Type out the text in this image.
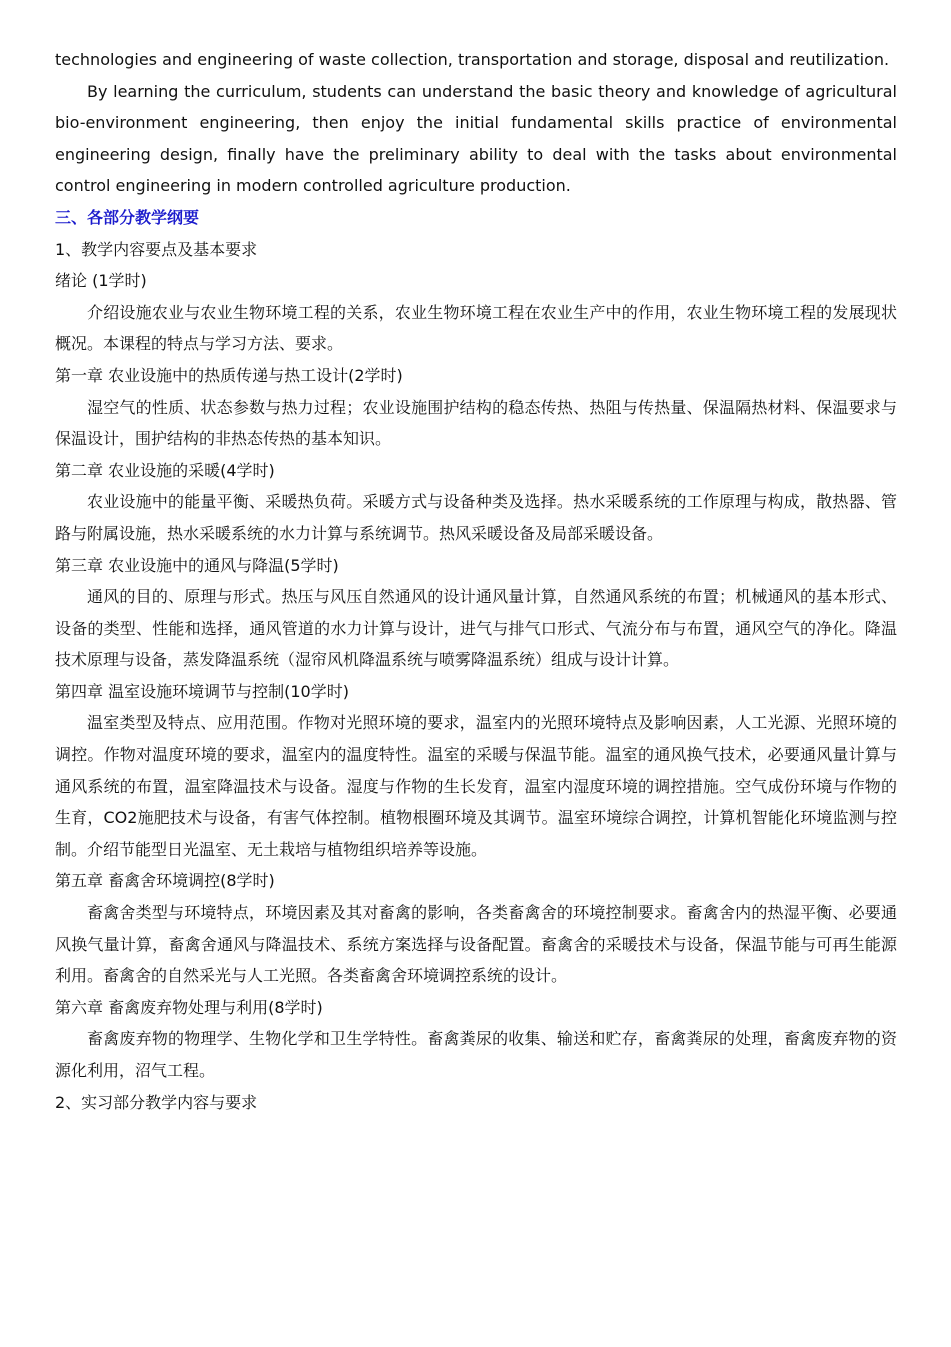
technologies and engineering of waste collection, transportation and storage, disposal and reutilization.

By learning the curriculum, students can understand the basic theory and knowledge of agricultural bio-environment engineering, then enjoy the initial fundamental skills practice of environmental engineering design, finally have the preliminary ability to deal with the tasks about environmental control engineering in modern controlled agriculture production.

三、各部分教学纲要

1、教学内容要点及基本要求

绪论 (1学时)

介绍设施农业与农业生物环境工程的关系，农业生物环境工程在农业生产中的作用，农业生物环境工程的发展现状概况。本课程的特点与学习方法、要求。

第一章 农业设施中的热质传递与热工设计(2学时)

湿空气的性质、状态参数与热力过程；农业设施围护结构的稳态传热、热阻与传热量、保温隔热材料、保温要求与保温设计，围护结构的非热态传热的基本知识。

第二章 农业设施的采暖(4学时)

农业设施中的能量平衡、采暖热负荷。采暖方式与设备种类及选择。热水采暖系统的工作原理与构成，散热器、管路与附属设施，热水采暖系统的水力计算与系统调节。热风采暖设备及局部采暖设备。

第三章 农业设施中的通风与降温(5学时)

通风的目的、原理与形式。热压与风压自然通风的设计通风量计算，自然通风系统的布置；机械通风的基本形式、设备的类型、性能和选择，通风管道的水力计算与设计，进气与排气口形式、气流分布与布置，通风空气的净化。降温技术原理与设备，蒸发降温系统（湿帘风机降温系统与喷雾降温系统）组成与设计计算。

第四章 温室设施环境调节与控制(10学时)

温室类型及特点、应用范围。作物对光照环境的要求，温室内的光照环境特点及影响因素，人工光源、光照环境的调控。作物对温度环境的要求，温室内的温度特性。温室的采暖与保温节能。温室的通风换气技术，必要通风量计算与通风系统的布置，温室降温技术与设备。湿度与作物的生长发育，温室内湿度环境的调控措施。空气成份环境与作物的生育，CO2施肥技术与设备，有害气体控制。植物根圈环境及其调节。温室环境综合调控，计算机智能化环境监测与控制。介绍节能型日光温室、无土栽培与植物组织培养等设施。

第五章 畜禽舍环境调控(8学时)

畜禽舍类型与环境特点，环境因素及其对畜禽的影响，各类畜禽舍的环境控制要求。畜禽舍内的热湿平衡、必要通风换气量计算，畜禽舍通风与降温技术、系统方案选择与设备配置。畜禽舍的采暖技术与设备，保温节能与可再生能源利用。畜禽舍的自然采光与人工光照。各类畜禽舍环境调控系统的设计。

第六章 畜禽废弃物处理与利用(8学时)

畜禽废弃物的物理学、生物化学和卫生学特性。畜禽粪尿的收集、输送和贮存，畜禽粪尿的处理，畜禽废弃物的资源化利用，沼气工程。

2、实习部分教学内容与要求
